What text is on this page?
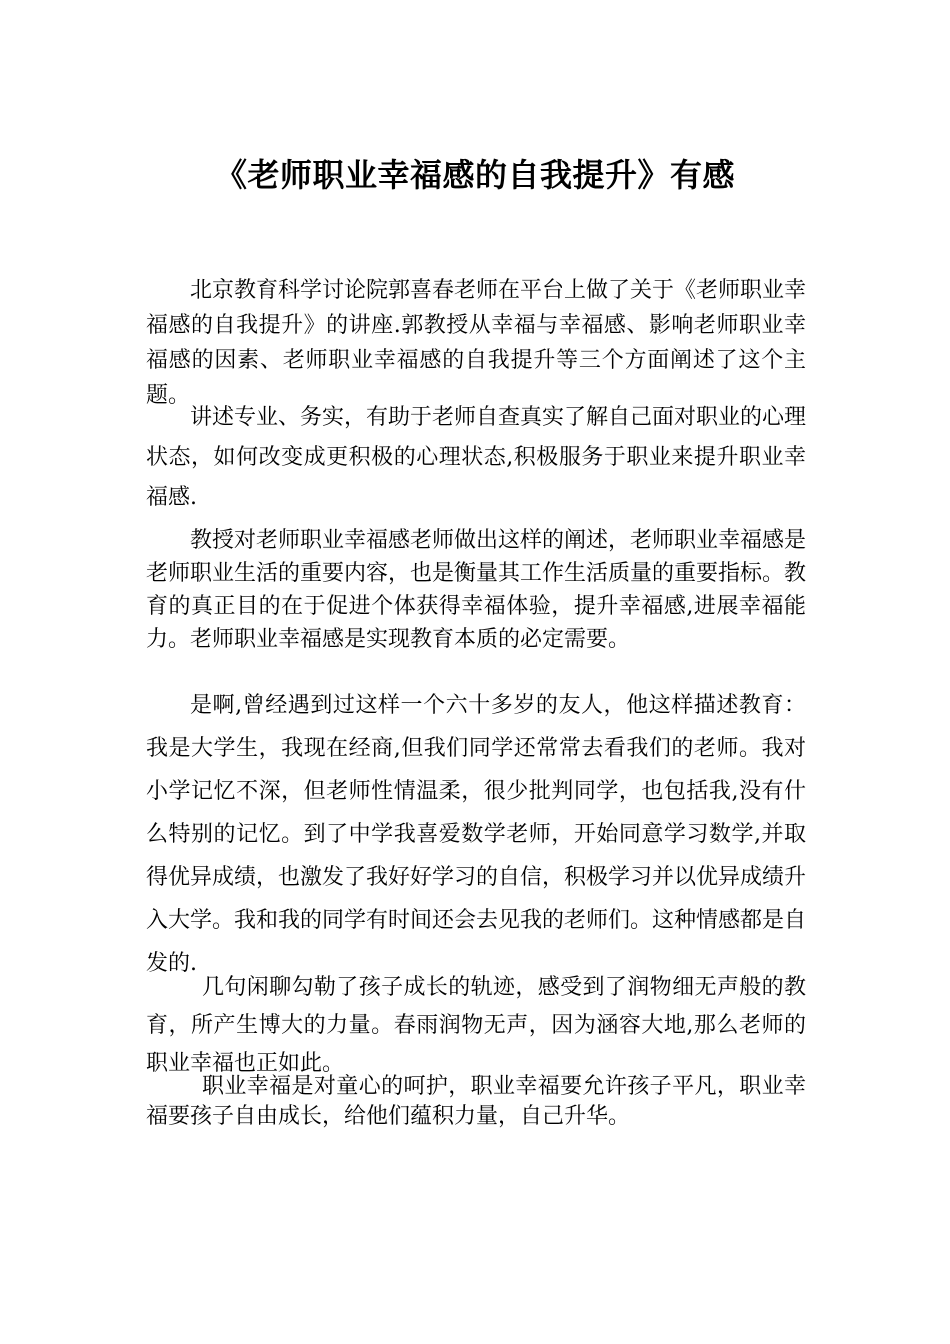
《老师职业幸福感的自我提升》有感

北京教育科学讨论院郭喜春老师在平台上做了关于《老师职业幸福感的自我提升》的讲座.郭教授从幸福与幸福感、影响老师职业幸福感的因素、老师职业幸福感的自我提升等三个方面阐述了这个主题。

讲述专业、务实，有助于老师自查真实了解自己面对职业的心理状态，如何改变成更积极的心理状态,积极服务于职业来提升职业幸福感.

教授对老师职业幸福感老师做出这样的阐述，老师职业幸福感是老师职业生活的重要内容，也是衡量其工作生活质量的重要指标。教育的真正目的在于促进个体获得幸福体验，提升幸福感,进展幸福能力。老师职业幸福感是实现教育本质的必定需要。

是啊,曾经遇到过这样一个六十多岁的友人，他这样描述教育：我是大学生，我现在经商,但我们同学还常常去看我们的老师。我对小学记忆不深，但老师性情温柔，很少批判同学，也包括我,没有什么特别的记忆。到了中学我喜爱数学老师，开始同意学习数学,并取得优异成绩，也激发了我好好学习的自信，积极学习并以优异成绩升入大学。我和我的同学有时间还会去见我的老师们。这种情感都是自发的.

几句闲聊勾勒了孩子成长的轨迹，感受到了润物细无声般的教育，所产生博大的力量。春雨润物无声，因为涵容大地,那么老师的职业幸福也正如此。

职业幸福是对童心的呵护，职业幸福要允许孩子平凡，职业幸福要孩子自由成长，给他们蕴积力量，自己升华。
